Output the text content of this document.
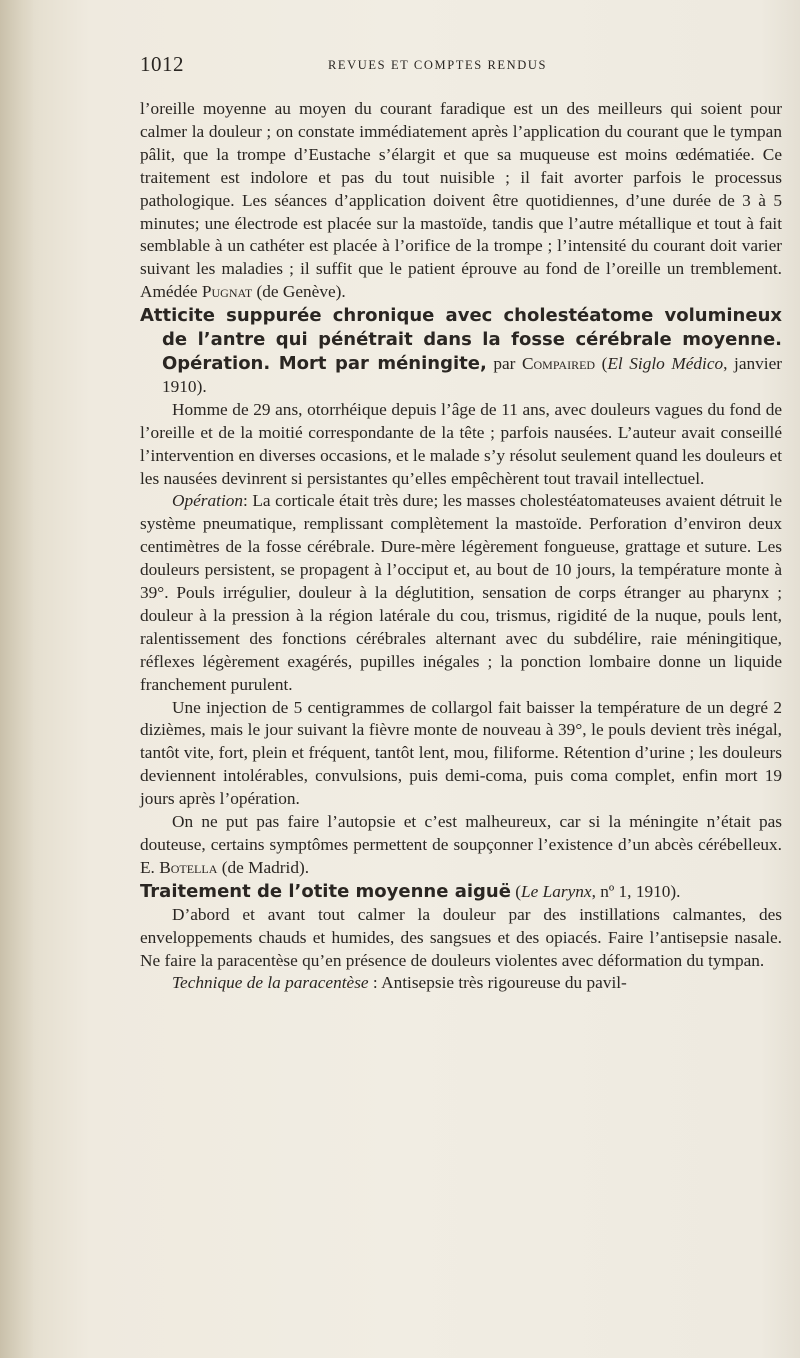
1012	REVUES ET COMPTES RENDUS

l’oreille moyenne au moyen du courant faradique est un des meilleurs qui soient pour calmer la douleur ; on constate immédiatement après l’application du courant que le tympan pâlit, que la trompe d’Eustache s’élargit et que sa muqueuse est moins œdématiée. Ce traitement est indolore et pas du tout nuisible ; il fait avorter parfois le processus pathologique. Les séances d’application doivent être quotidiennes, d’une durée de 3 à 5 minutes; une électrode est placée sur la mastoïde, tandis que l’autre métallique et tout à fait semblable à un cathéter est placée à l’orifice de la trompe ; l’intensité du courant doit varier suivant les maladies ; il suffit que le patient éprouve au fond de l’oreille un tremblement. Amédée Pugnat (de Genève).

Atticite suppurée chronique avec cholestéatome volumineux de l’antre qui pénétrait dans la fosse cérébrale moyenne. Opération. Mort par méningite, par Compaired (El Siglo Médico, janvier 1910).

Homme de 29 ans, otorrhéique depuis l’âge de 11 ans, avec douleurs vagues du fond de l’oreille et de la moitié correspondante de la tête ; parfois nausées. L’auteur avait conseillé l’intervention en diverses occasions, et le malade s’y résolut seulement quand les douleurs et les nausées devinrent si persistantes qu’elles empêchèrent tout travail intellectuel.

Opération: La corticale était très dure; les masses cholestéatomateuses avaient détruit le système pneumatique, remplissant complètement la mastoïde. Perforation d’environ deux centimètres de la fosse cérébrale. Dure-mère légèrement fongueuse, grattage et suture. Les douleurs persistent, se propagent à l’occiput et, au bout de 10 jours, la température monte à 39°. Pouls irrégulier, douleur à la déglutition, sensation de corps étranger au pharynx ; douleur à la pression à la région latérale du cou, trismus, rigidité de la nuque, pouls lent, ralentissement des fonctions cérébrales alternant avec du subdélire, raie méningitique, réflexes légèrement exagérés, pupilles inégales ; la ponction lombaire donne un liquide franchement purulent.

Une injection de 5 centigrammes de collargol fait baisser la température de un degré 2 dizièmes, mais le jour suivant la fièvre monte de nouveau à 39°, le pouls devient très inégal, tantôt vite, fort, plein et fréquent, tantôt lent, mou, filiforme. Rétention d’urine ; les douleurs deviennent intolérables, convulsions, puis demi-coma, puis coma complet, enfin mort 19 jours après l’opération.

On ne put pas faire l’autopsie et c’est malheureux, car si la méningite n’était pas douteuse, certains symptômes permettent de soupçonner l’existence d’un abcès cérébelleux. E. Botella (de Madrid).

Traitement de l’otite moyenne aiguë (Le Larynx, nº 1, 1910).

D’abord et avant tout calmer la douleur par des instillations calmantes, des enveloppements chauds et humides, des sangsues et des opiacés. Faire l’antisepsie nasale. Ne faire la paracentèse qu’en présence de douleurs violentes avec déformation du tympan.

Technique de la paracentèse : Antisepsie très rigoureuse du pavil-
